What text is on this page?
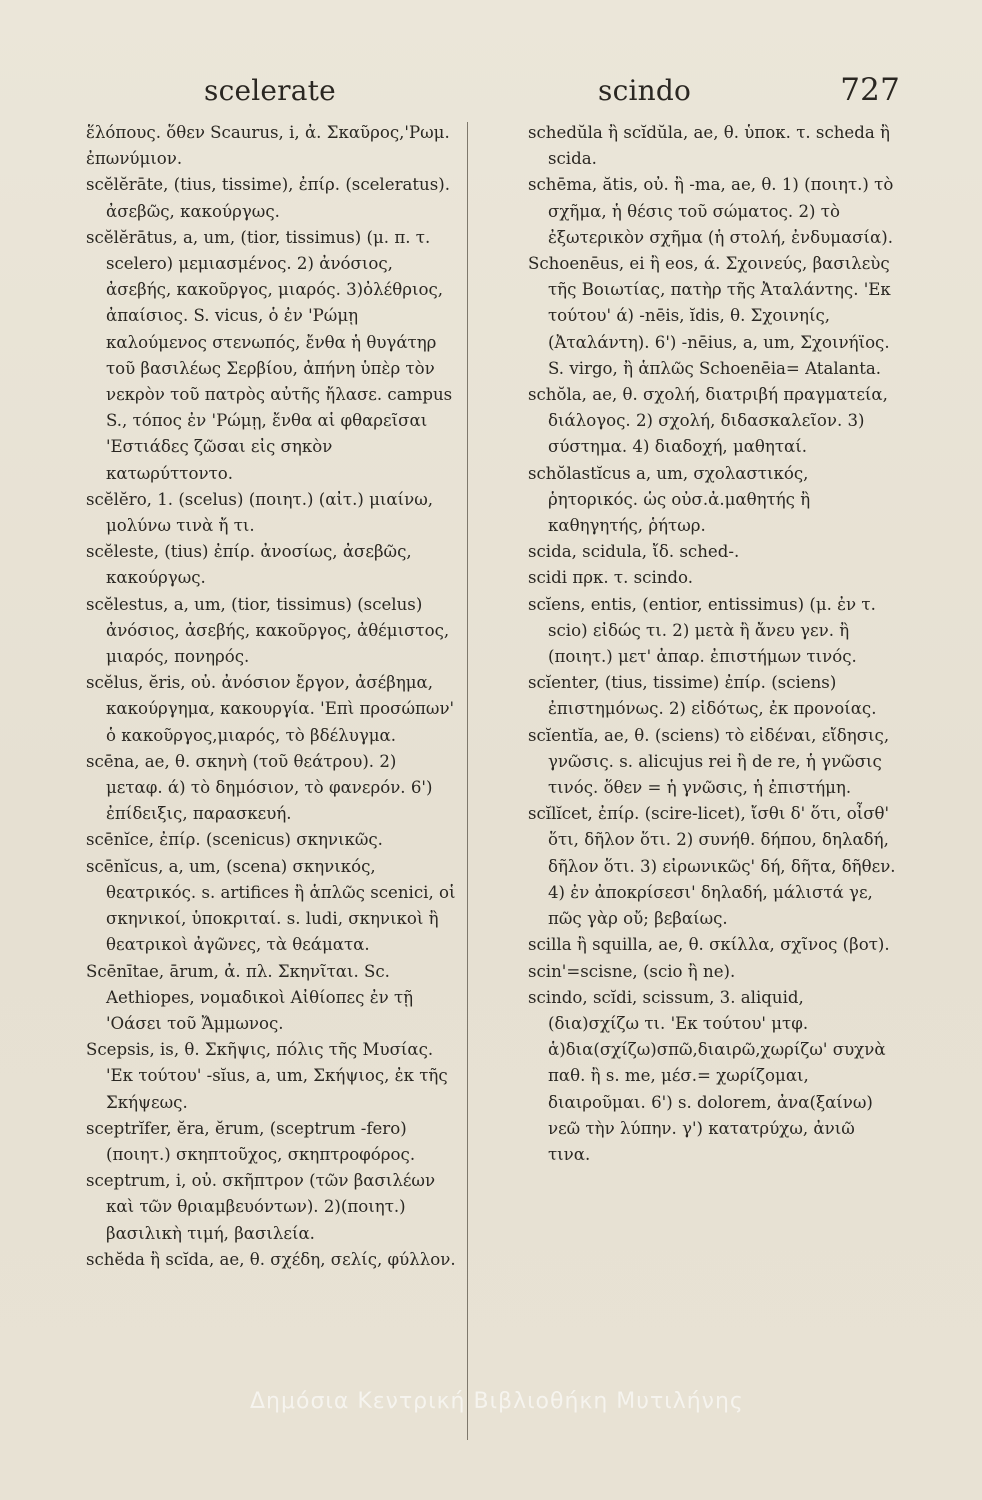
scelerate	scindo	727

ἕλόπους. ὅθεν Scaurus, i, ἀ. Σκαῦρος,'Ρωμ. ἐπωνύμιον.

scĕlĕrāte, (tius, tissime), ἐπίρ. (sceleratus). ἀσεβῶς, κακούργως.

scĕlĕrātus, a, um, (tior, tissimus) (μ. π. τ. scelero) μεμιασμένος. 2) ἀνόσιος, ἀσεβής, κακοῦργος, μιαρός. 3)ὀλέθριος, ἀπαίσιος. S. vicus, ὁ ἐν 'Ρώμῃ καλούμενος στενωπός, ἔνθα ἡ θυγάτηρ τοῦ βασιλέως Σερβίου, ἀπήνη ὑπὲρ τὸν νεκρὸν τοῦ πατρὸς αὐτῆς ἤλασε. campus S., τόπος ἐν 'Ρώμῃ, ἔνθα αἱ φθαρεῖσαι 'Εστιάδες ζῶσαι εἰς σηκὸν κατωρύττοντο.

scĕlĕro, 1. (scelus) (ποιητ.) (αἰτ.) μιαίνω, μολύνω τινὰ ἤ τι.

scĕleste, (tius) ἐπίρ. ἀνοσίως, ἀσεβῶς, κακούργως.

scĕlestus, a, um, (tior, tissimus) (scelus) ἀνόσιος, ἀσεβής, κακοῦργος, ἀθέμιστος, μιαρός, πονηρός.

scĕlus, ĕris, οὐ. ἀνόσιον ἔργον, ἀσέβημα, κακούργημα, κακουργία. 'Επὶ προσώπων' ὁ κακοῦργος,μιαρός, τὸ βδέλυγμα.

scēna, ae, θ. σκηνὴ (τοῦ θεάτρου). 2) μεταφ. ά) τὸ δημόσιον, τὸ φανερόν. 6') ἐπίδειξις, παρασκευή.

scēnĭce, ἐπίρ. (scenicus) σκηνικῶς.

scēnĭcus, a, um, (scena) σκηνικός, θεατρικός. s. artifices ἢ ἁπλῶς scenici, οἱ σκηνικοί, ὑποκριταί. s. ludi, σκηνικοὶ ἢ θεατρικοὶ ἀγῶνες, τὰ θεάματα.

Scēnītae, ārum, ἀ. πλ. Σκηνῖται. Sc. Aethiopes, νομαδικοὶ Αἰθίοπες ἐν τῇ 'Οάσει τοῦ Ἄμμωνος.

Scepsis, is, θ. Σκῆψις, πόλις τῆς Μυσίας. 'Εκ τούτου' -sĭus, a, um, Σκήψιος, ἐκ τῆς Σκήψεως.

sceptrĭfer, ĕra, ĕrum, (sceptrum -fero) (ποιητ.) σκηπτοῦχος, σκηπτροφόρος.

sceptrum, i, οὐ. σκῆπτρον (τῶν βασιλέων καὶ τῶν θριαμβευόντων). 2)(ποιητ.) βασιλικὴ τιμή, βασιλεία.

schĕda ἢ scĭda, ae, θ. σχέδη, σελίς, φύλλον.

schedŭla ἢ scĭdŭla, ae, θ. ὑποκ. τ. scheda ἢ scida.

schēma, ătis, οὐ. ἢ -ma, ae, θ. 1) (ποιητ.) τὸ σχῆμα, ἡ θέσις τοῦ σώματος. 2) τὸ ἐξωτερικὸν σχῆμα (ἡ στολή, ἐνδυμασία).

Schoenēus, ei ἢ eos, ά. Σχοινεύς, βασιλεὺς τῆς Βοιωτίας, πατὴρ τῆς Ἀταλάντης. 'Εκ τούτου' ά) -nēis, ĭdis, θ. Σχοινηίς, (Ἀταλάντη). 6') -nēius, a, um, Σχοινήϊος. S. virgo, ἢ ἁπλῶς Schoenēia= Atalanta.

schŏla, ae, θ. σχολή, διατριβή πραγματεία, διάλογος. 2) σχολή, διδασκαλεῖον. 3) σύστημα. 4) διαδοχή, μαθηταί.

schŏlastĭcus a, um, σχολαστικός, ῥητορικός. ὡς οὐσ.ἀ.μαθητής ἢ καθηγητής, ῥήτωρ.

scida, scidula, ἴδ. sched-.

scidi πρκ. τ. scindo.

scĭens, entis, (entior, entissimus) (μ. ἐν τ. scio) εἰδώς τι. 2) μετὰ ἢ ἄνευ γεν. ἢ (ποιητ.) μετ' ἀπαρ. ἐπιστήμων τινός.

scĭenter, (tius, tissime) ἐπίρ. (sciens) ἐπιστημόνως. 2) εἰδότως, ἐκ προνοίας.

scĭentĭa, ae, θ. (sciens) τὸ εἰδέναι, εἴδησις, γνῶσις. s. alicujus rei ἢ de re, ἡ γνῶσις τινός. ὅθεν = ἡ γνῶσις, ἡ ἐπιστήμη.

scĭlĭcet, ἐπίρ. (scire-licet), ἴσθι δ' ὅτι, οἶσθ' ὅτι, δῆλον ὅτι. 2) συνήθ. δήπου, δηλαδή, δῆλον ὅτι. 3) εἰρωνικῶς' δή, δῆτα, δῆθεν. 4) ἐν ἀποκρίσεσι' δηλαδή, μάλιστά γε, πῶς γὰρ οὔ; βεβαίως.

scilla ἢ squilla, ae, θ. σκίλλα, σχῖνος (βοτ).

scin'=scisne, (scio ἢ ne).

scindo, scĭdi, scissum, 3. aliquid, (δια)σχίζω τι. 'Εκ τούτου' μτφ. ἁ)δια(σχίζω)σπῶ,διαιρῶ,χωρίζω' συχνὰ παθ. ἢ s. me, μέσ.= χωρίζομαι, διαιροῦμαι. 6') s. dolorem, ἀνα(ξαίνω) νεῶ τὴν λύπην. γ') κατατρύχω, ἀνιῶ τινα.

Δημόσια Κεντρική Βιβλιοθήκη Μυτιλήνης
